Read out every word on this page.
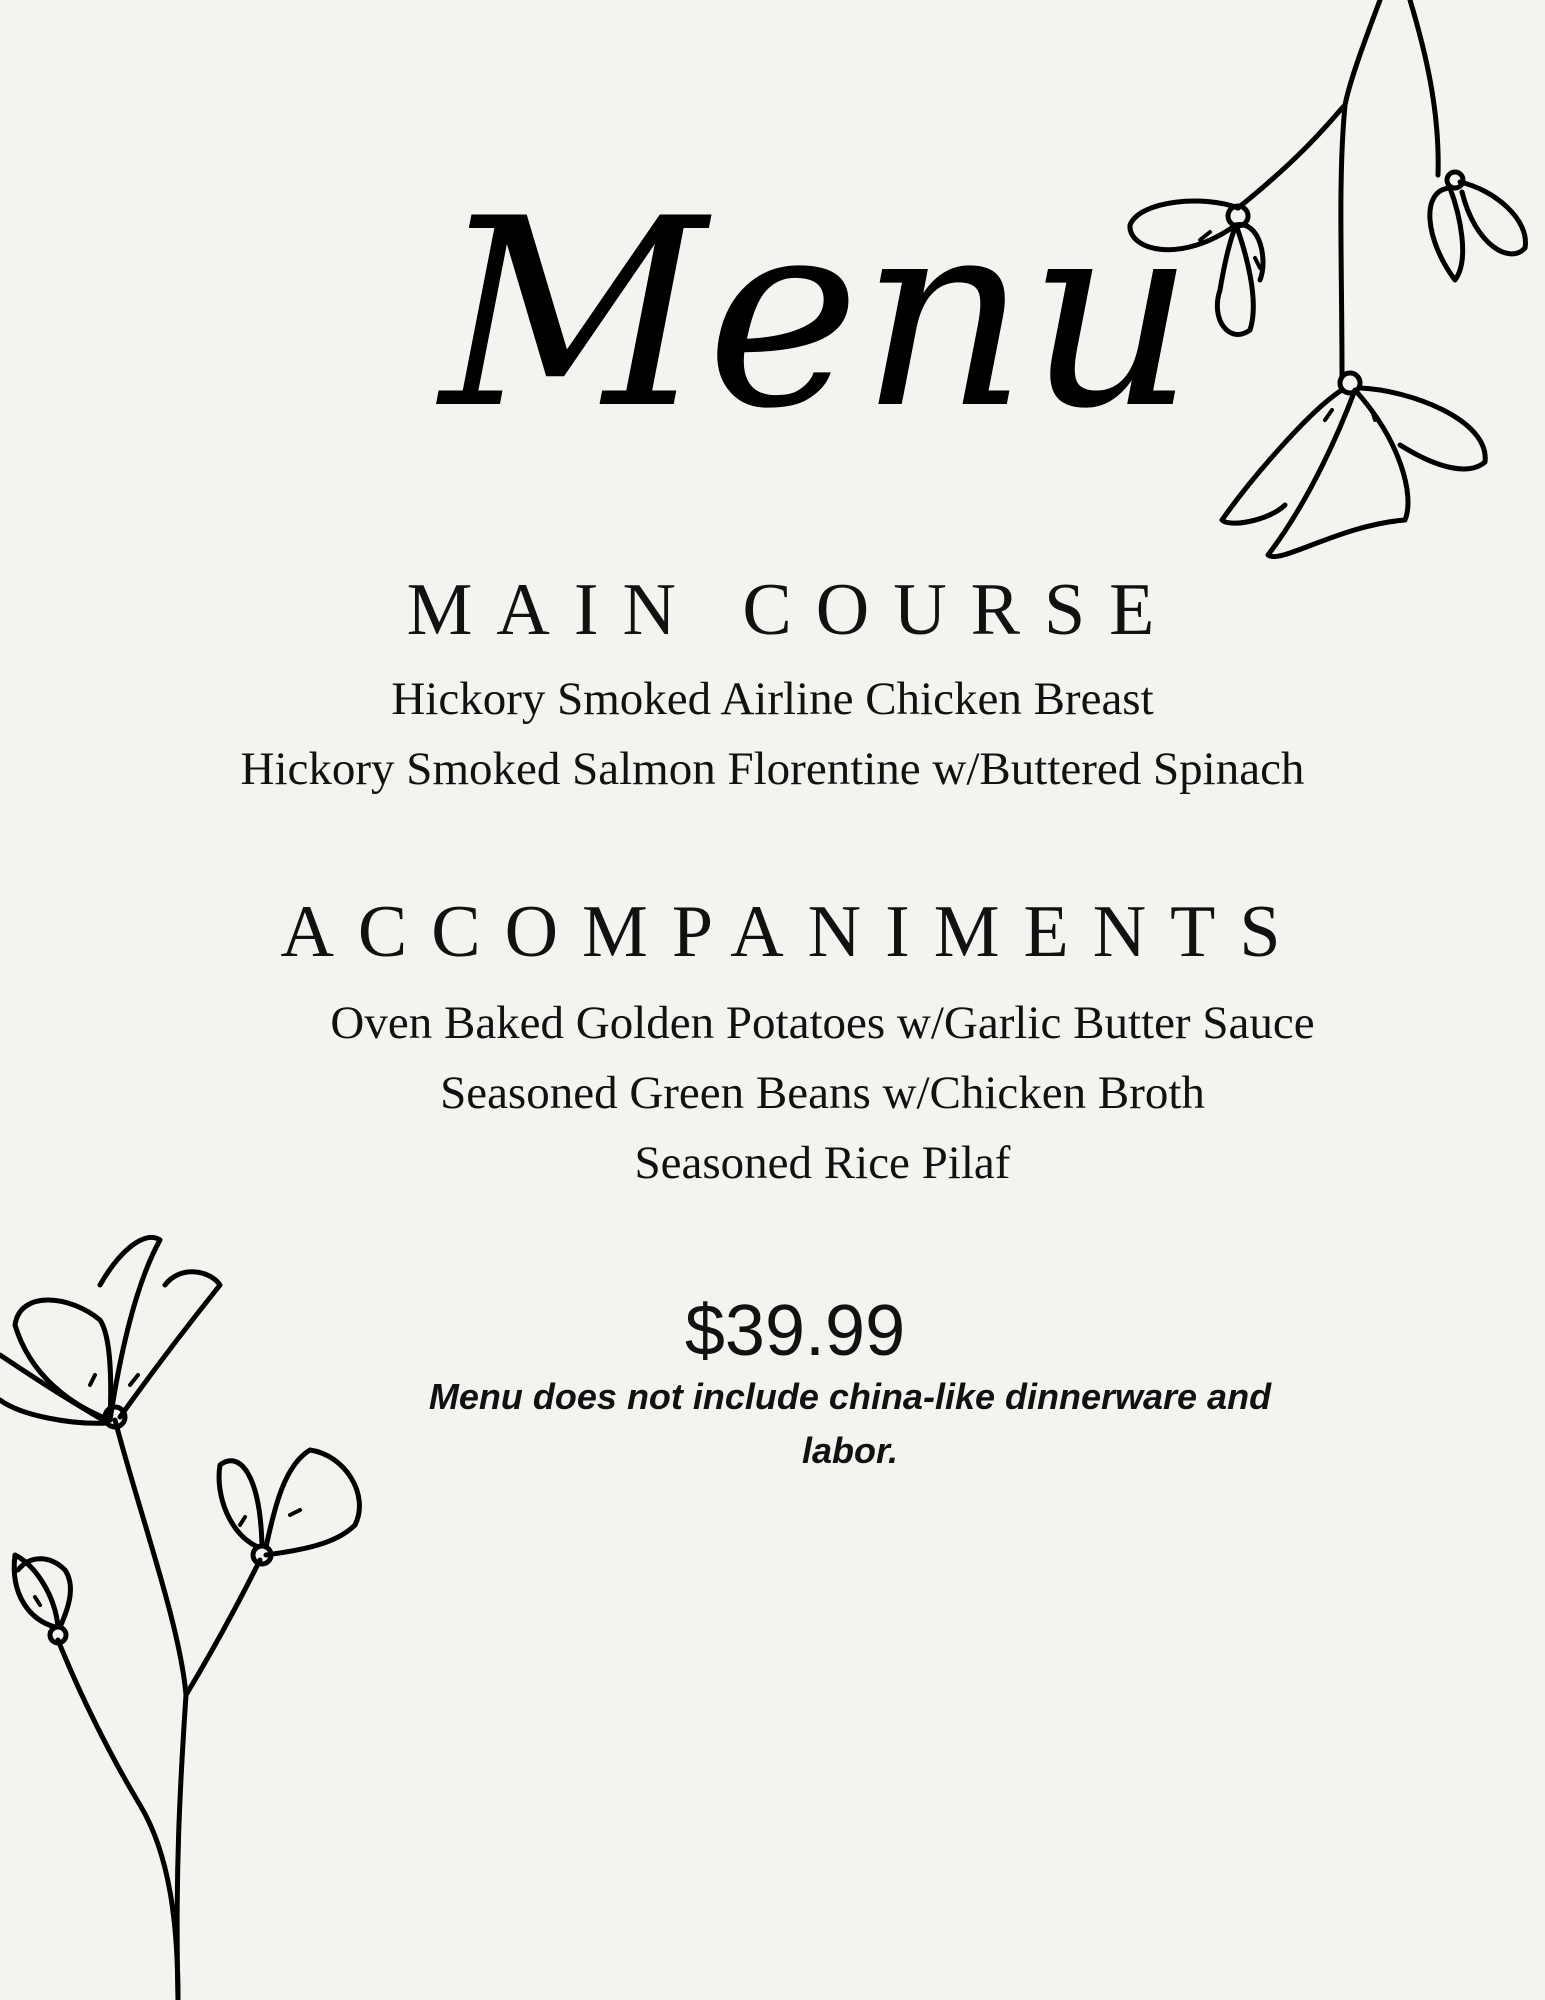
Menu
MAIN COURSE
Hickory Smoked Airline Chicken Breast
Hickory Smoked Salmon Florentine w/Buttered Spinach
ACCOMPANIMENTS
Oven Baked Golden Potatoes w/Garlic Butter Sauce
Seasoned Green Beans w/Chicken Broth
Seasoned Rice Pilaf
$39.99
Menu does not include china-like dinnerware and labor.
